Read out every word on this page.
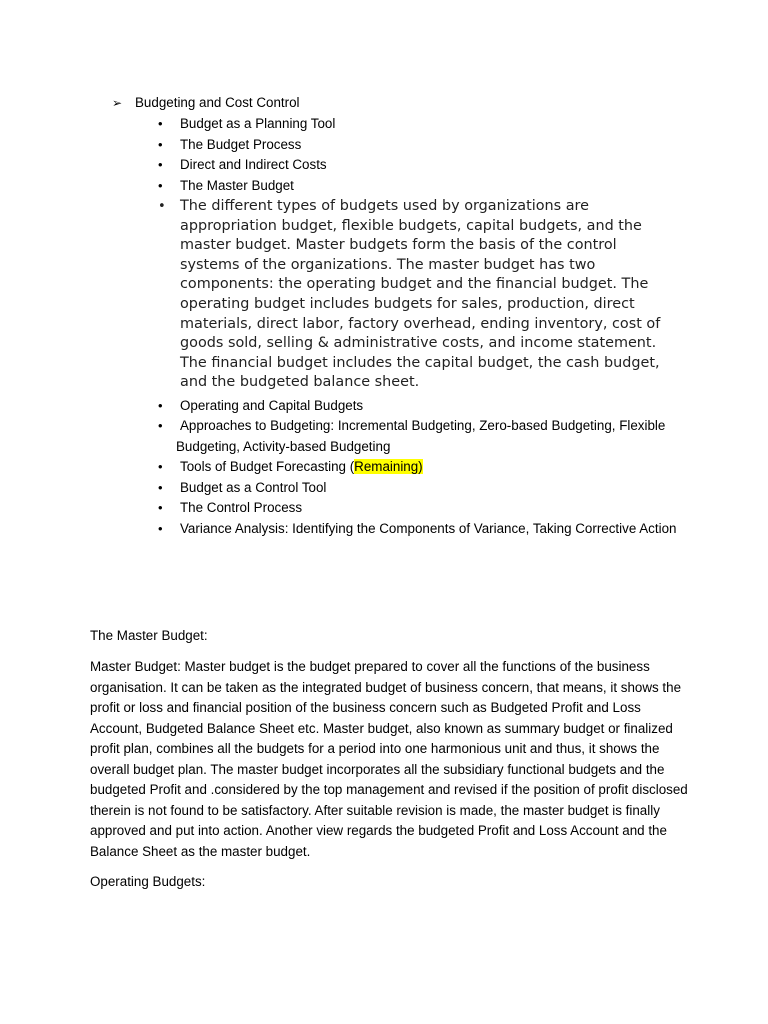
➢ Budgeting and Cost Control
• Budget as a Planning Tool
• The Budget Process
• Direct and Indirect Costs
• The Master Budget
• The different types of budgets used by organizations are appropriation budget, flexible budgets, capital budgets, and the master budget. Master budgets form the basis of the control systems of the organizations. The master budget has two components: the operating budget and the financial budget. The operating budget includes budgets for sales, production, direct materials, direct labor, factory overhead, ending inventory, cost of goods sold, selling & administrative costs, and income statement. The financial budget includes the capital budget, the cash budget, and the budgeted balance sheet.
• Operating and Capital Budgets
• Approaches to Budgeting: Incremental Budgeting, Zero-based Budgeting, Flexible
Budgeting, Activity-based Budgeting
• Tools of Budget Forecasting (Remaining)
• Budget as a Control Tool
• The Control Process
• Variance Analysis: Identifying the Components of Variance, Taking Corrective Action
The Master Budget:
Master Budget: Master budget is the budget prepared to cover all the functions of the business organisation. It can be taken as the integrated budget of business concern, that means, it shows the profit or loss and financial position of the business concern such as Budgeted Profit and Loss Account, Budgeted Balance Sheet etc. Master budget, also known as summary budget or finalized profit plan, combines all the budgets for a period into one harmonious unit and thus, it shows the overall budget plan. The master budget incorporates all the subsidiary functional budgets and the budgeted Profit and .considered by the top management and revised if the position of profit disclosed therein is not found to be satisfactory. After suitable revision is made, the master budget is finally approved and put into action. Another view regards the budgeted Profit and Loss Account and the Balance Sheet as the master budget.
Operating Budgets:
